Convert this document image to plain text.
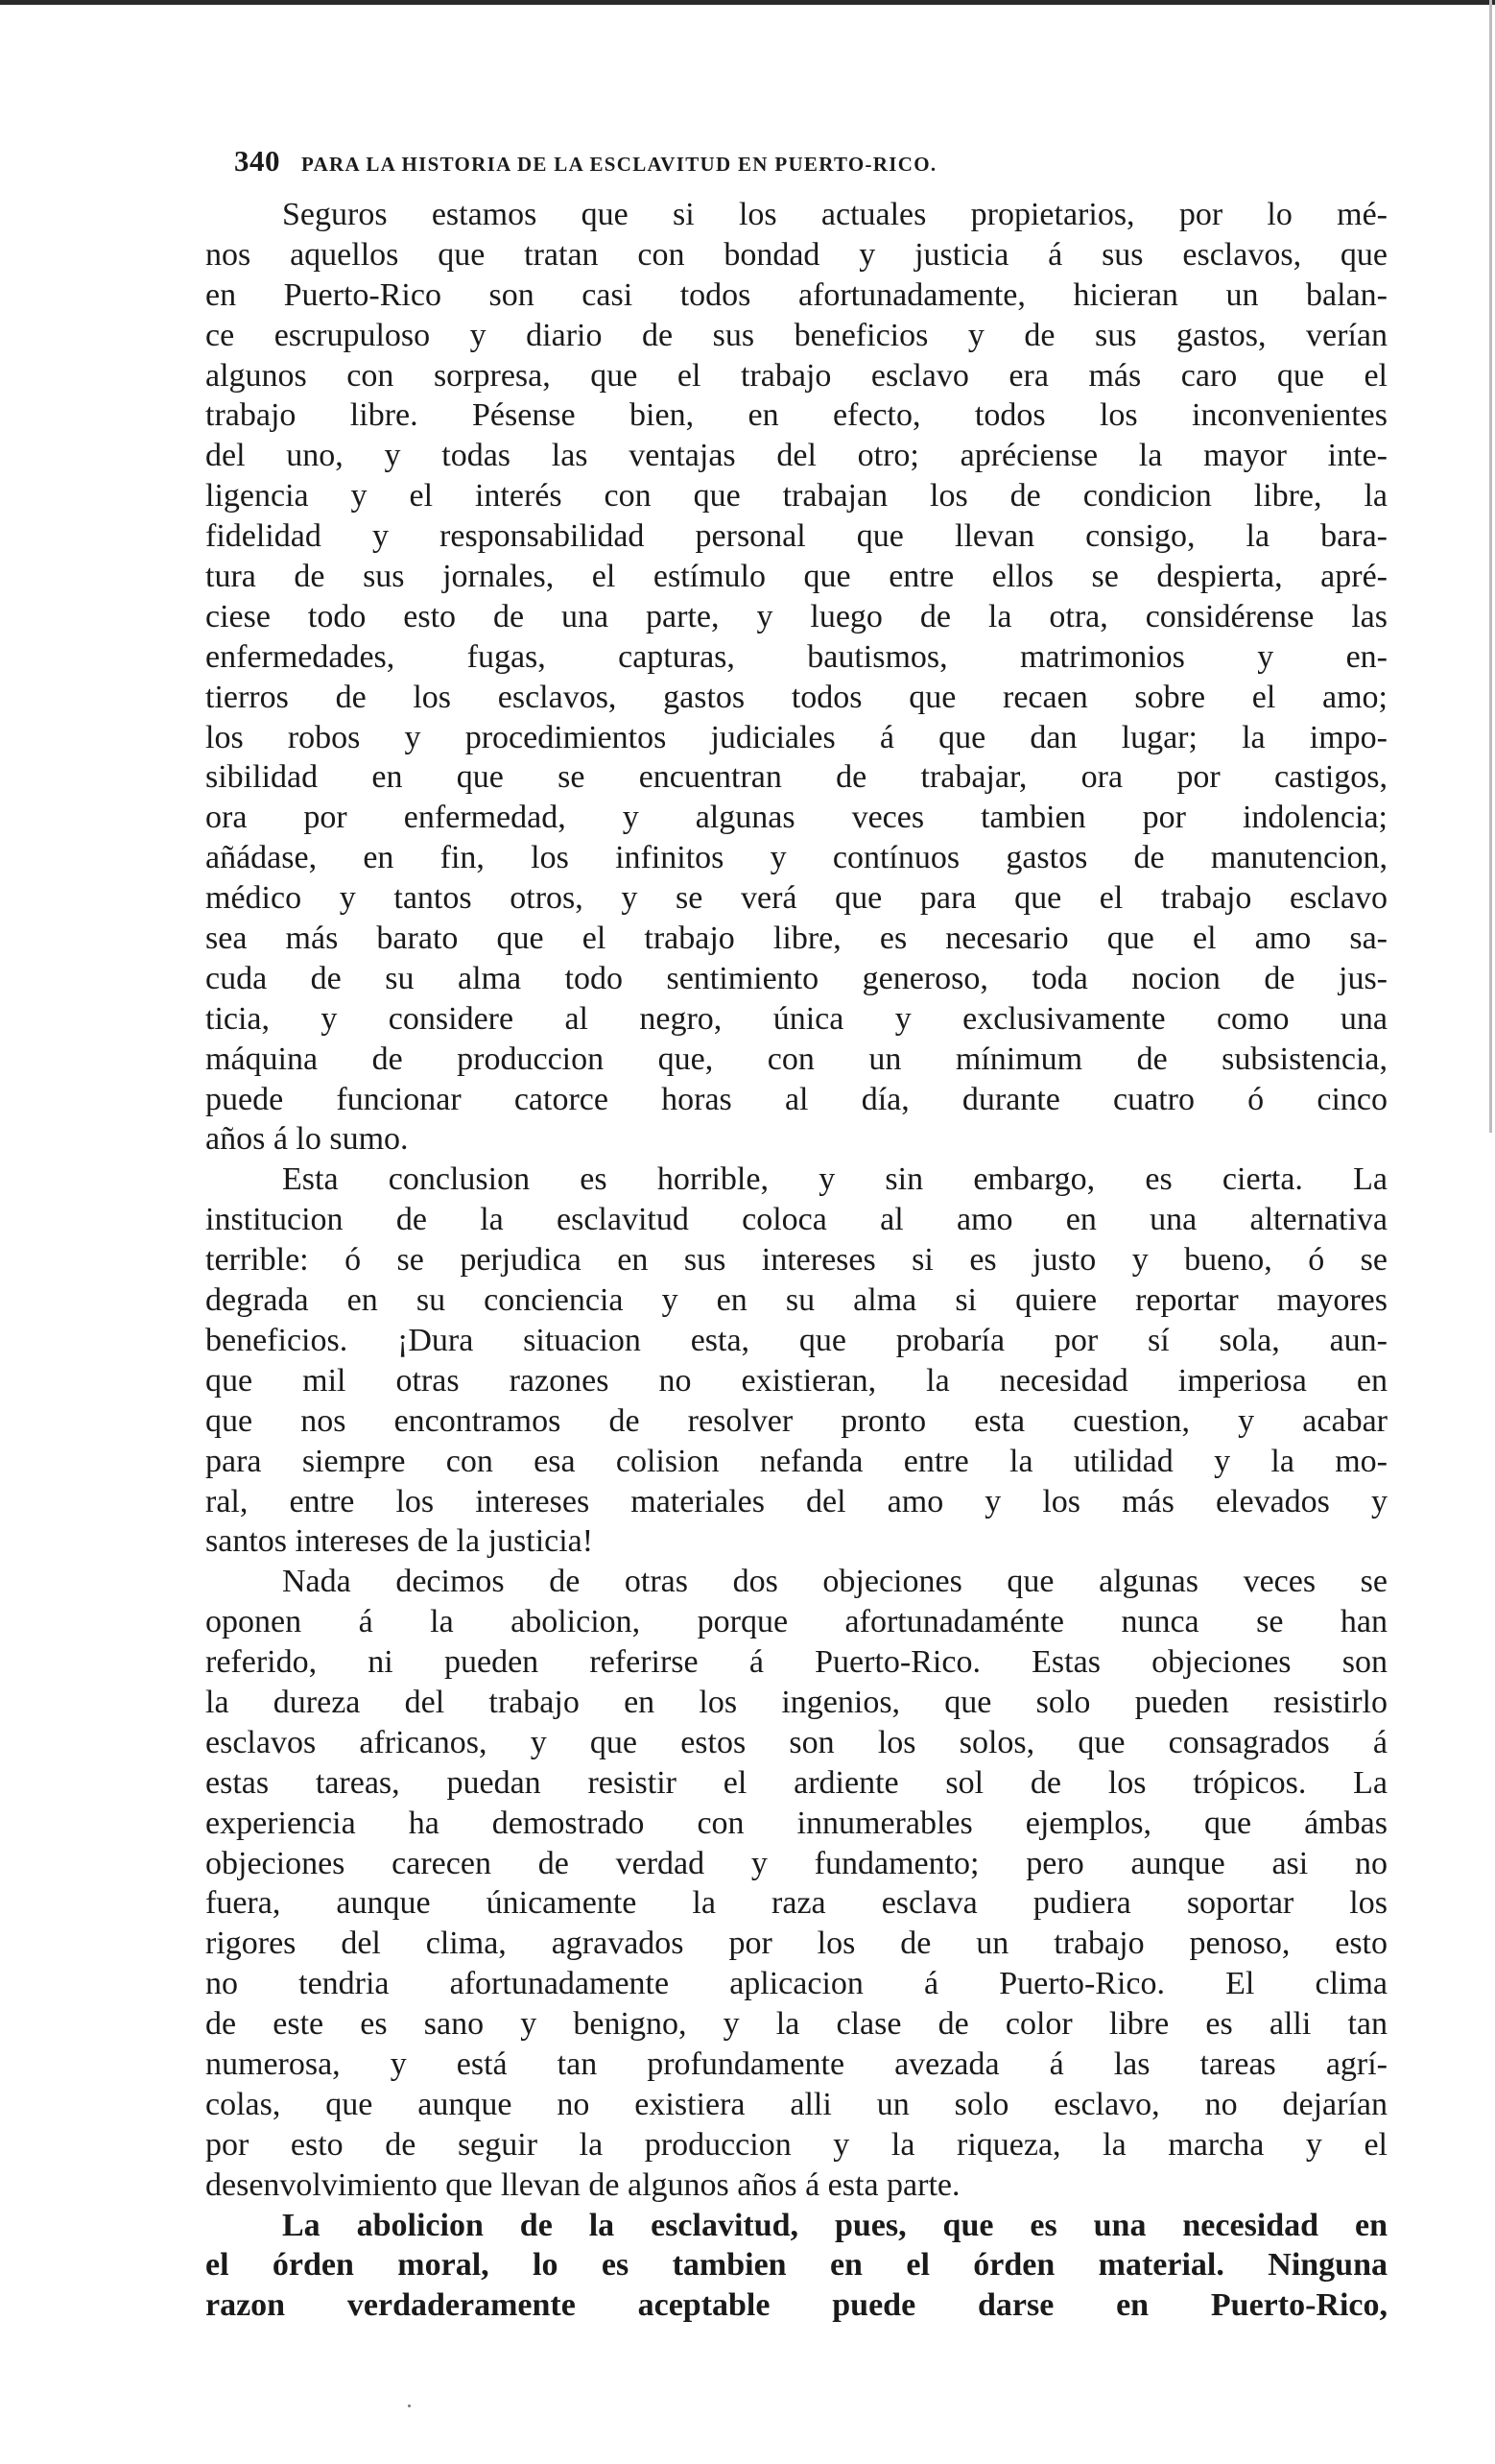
340 PARA LA HISTORIA DE LA ESCLAVITUD EN PUERTO-RICO.
Seguros estamos que si los actuales propietarios, por lo mé-
nos aquellos que tratan con bondad y justicia á sus esclavos, que
en Puerto-Rico son casi todos afortunadamente, hicieran un balan-
ce escrupuloso y diario de sus beneficios y de sus gastos, verían
algunos con sorpresa, que el trabajo esclavo era más caro que el
trabajo libre. Pésense bien, en efecto, todos los inconvenientes
del uno, y todas las ventajas del otro; apréciense la mayor inte-
ligencia y el interés con que trabajan los de condicion libre, la
fidelidad y responsabilidad personal que llevan consigo, la bara-
tura de sus jornales, el estímulo que entre ellos se despierta, apré-
ciese todo esto de una parte, y luego de la otra, considérense las
enfermedades, fugas, capturas, bautismos, matrimonios y en-
tierros de los esclavos, gastos todos que recaen sobre el amo;
los robos y procedimientos judiciales á que dan lugar; la impo-
sibilidad en que se encuentran de trabajar, ora por castigos,
ora por enfermedad, y algunas veces tambien por indolencia;
añádase, en fin, los infinitos y contínuos gastos de manutencion,
médico y tantos otros, y se verá que para que el trabajo esclavo
sea más barato que el trabajo libre, es necesario que el amo sa-
cuda de su alma todo sentimiento generoso, toda nocion de jus-
ticia, y considere al negro, única y exclusivamente como una
máquina de produccion que, con un mínimum de subsistencia,
puede funcionar catorce horas al día, durante cuatro ó cinco
años á lo sumo.
Esta conclusion es horrible, y sin embargo, es cierta. La
institucion de la esclavitud coloca al amo en una alternativa
terrible: ó se perjudica en sus intereses si es justo y bueno, ó se
degrada en su conciencia y en su alma si quiere reportar mayores
beneficios. ¡Dura situacion esta, que probaría por sí sola, aun-
que mil otras razones no existieran, la necesidad imperiosa en
que nos encontramos de resolver pronto esta cuestion, y acabar
para siempre con esa colision nefanda entre la utilidad y la mo-
ral, entre los intereses materiales del amo y los más elevados y
santos intereses de la justicia!
Nada decimos de otras dos objeciones que algunas veces se
oponen á la abolicion, porque afortunadaménte nunca se han
referido, ni pueden referirse á Puerto-Rico. Estas objeciones son
la dureza del trabajo en los ingenios, que solo pueden resistirlo
esclavos africanos, y que estos son los solos, que consagrados á
estas tareas, puedan resistir el ardiente sol de los trópicos. La
experiencia ha demostrado con innumerables ejemplos, que ámbas
objeciones carecen de verdad y fundamento; pero aunque asi no
fuera, aunque únicamente la raza esclava pudiera soportar los
rigores del clima, agravados por los de un trabajo penoso, esto
no tendria afortunadamente aplicacion á Puerto-Rico. El clima
de este es sano y benigno, y la clase de color libre es alli tan
numerosa, y está tan profundamente avezada á las tareas agrí-
colas, que aunque no existiera alli un solo esclavo, no dejarían
por esto de seguir la produccion y la riqueza, la marcha y el
desenvolvimiento que llevan de algunos años á esta parte.
La abolicion de la esclavitud, pues, que es una necesidad en
el órden moral, lo es tambien en el órden material. Ninguna
razon verdaderamente aceptable puede darse en Puerto-Rico,
